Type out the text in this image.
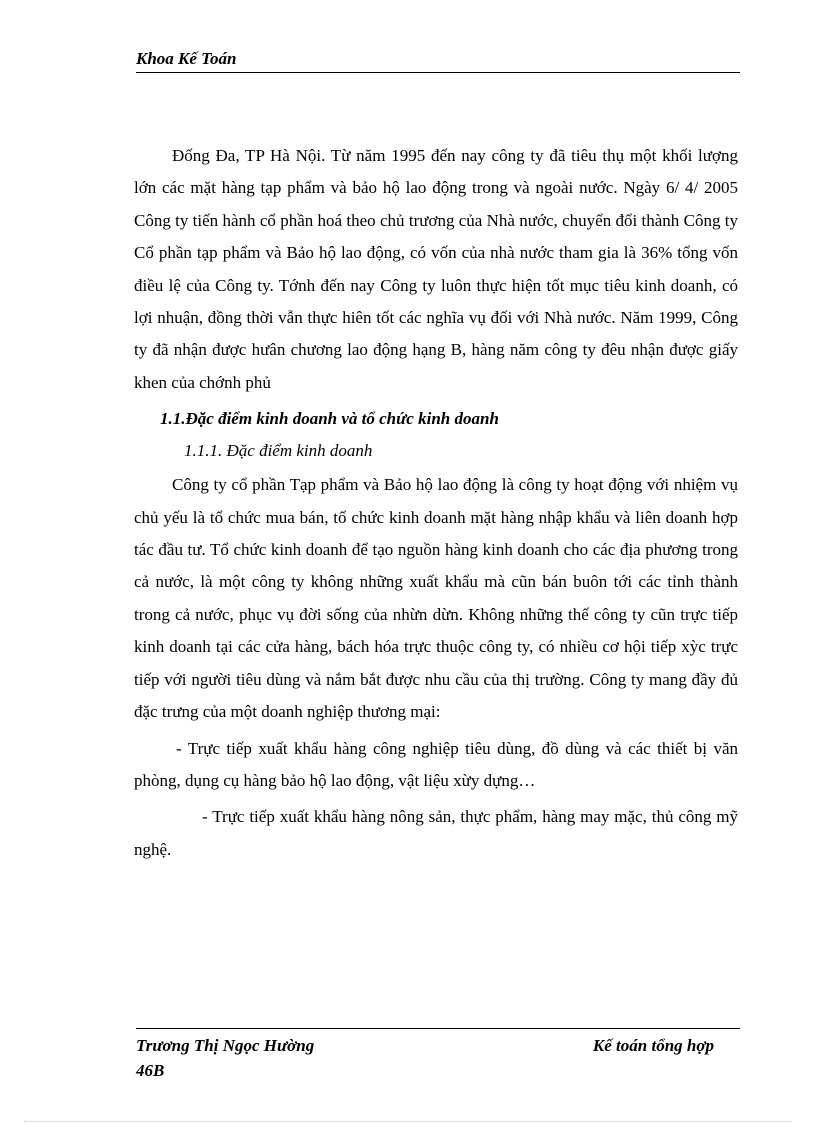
Khoa Kế Toán

Đống Đa, TP Hà Nội. Từ năm 1995 đến nay công ty đã tiêu thụ một khối lượng lớn các mặt hàng tạp phẩm và bảo hộ lao động trong và ngoài nước. Ngày 6/ 4/ 2005 Công ty tiến hành cổ phần hoá theo chủ trương của Nhà nước, chuyển đổi thành Công ty Cổ phần tạp phẩm và Bảo hộ lao động, có vốn của nhà nước tham gia là 36% tổng vốn điều lệ của Công ty. Tớnh đến nay Công ty luôn thực hiện tốt mục tiêu kinh doanh, có lợi nhuận, đồng thời vẫn thực hiên tốt các nghĩa vụ đối với Nhà nước. Năm 1999, Công ty đã nhận được hưân chương lao động hạng B, hàng năm công ty đêu nhận được giấy khen của chớnh phủ

1.1.Đặc điểm kinh doanh và tổ chức kinh doanh
1.1.1. Đặc điểm kinh doanh

Công ty cổ phần Tạp phẩm và Bảo hộ lao động là công ty hoạt động với nhiệm vụ chủ yếu là tổ chức mua bán, tổ chức kinh doanh mặt hàng nhập khẩu và liên doanh hợp tác đầu tư. Tổ chức kinh doanh để tạo nguồn hàng kinh doanh cho các địa phương trong cả nước, là một công ty không những xuất khẩu mà cũn bán buôn tới các tỉnh thành trong cả nước, phục vụ đời sống của nhừn dừn. Không những thế công ty cũn trực tiếp kinh doanh tại các cửa hàng, bách hóa trực thuộc công ty, có nhiều cơ hội tiếp xỳc trực tiếp với người tiêu dùng và nắm bắt được nhu cầu của thị trường. Công ty mang đầy đủ đặc trưng của một doanh nghiệp thương mại:

- Trực tiếp xuất khẩu hàng công nghiệp tiêu dùng, đồ dùng và các thiết bị văn phòng, dụng cụ hàng bảo hộ lao động, vật liệu xừy dựng…

- Trực tiếp xuất khẩu hàng nông sản, thực phẩm, hàng may mặc, thủ công mỹ nghệ.

Trương Thị Ngọc Hường	Kế toán tổng hợp
46B
